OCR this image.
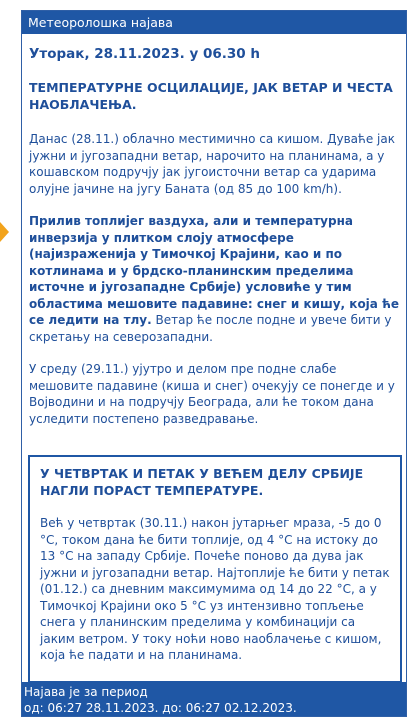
Метеоролошка најава
Уторак, 28.11.2023. у 06.30 h
ТЕМПЕРАТУРНЕ ОСЦИЛАЦИЈЕ, ЈАК ВЕТАР И ЧЕСТА НАОБЛАЧЕЊА.

Данас (28.11.) облачно местимично са кишом. Дуваће јак јужни и југозападни ветар, нарочито на планинама, а у кошавском подручју јак југоисточни ветар са ударима олујне јачине на југу Баната (од 85 до 100 km/h).

Прилив топлијег ваздуха, али и температурна инверзија у плитком слоју атмосфере (најизраженија у Тимочкој Крајини, као и по котлинама и у брдско-планинским пределима источне и југозападне Србије) условиће у тим областима мешовите падавине: снег и кишу, која ће се ледити на тлу. Ветар ће после подне и увече бити у скретању на северозападни.

У среду (29.11.) ујутро и делом пре подне слабе мешовите падавине (киша и снег) очекују се понегде и у Војводини и на подручју Београда, али ће током дана уследити постепено разведравање.

У ЧЕТВРТАК И ПЕТАК У ВЕЋЕМ ДЕЛУ СРБИЈЕ НАГЛИ ПОРАСТ ТЕМПЕРАТУРЕ.

Већ у четвртак (30.11.) након јутарњег мраза, -5 до 0 °C, током дана ће бити топлије, од 4 °C на истоку до 13 °C на западу Србије. Почеће поново да дува јак јужни и југозападни ветар. Најтоплије ће бити у петак (01.12.) са дневним максимумима од 14 до 22 °C, а у Тимочкој Крајини око 5 °C уз интензивно топљење снега у планинским пределима у комбинацији са јаким ветром. У току ноћи ново наоблачење с кишом, која ће падати и на планинама.

Најава је за период
од: 06:27 28.11.2023. до: 06:27 02.12.2023.
